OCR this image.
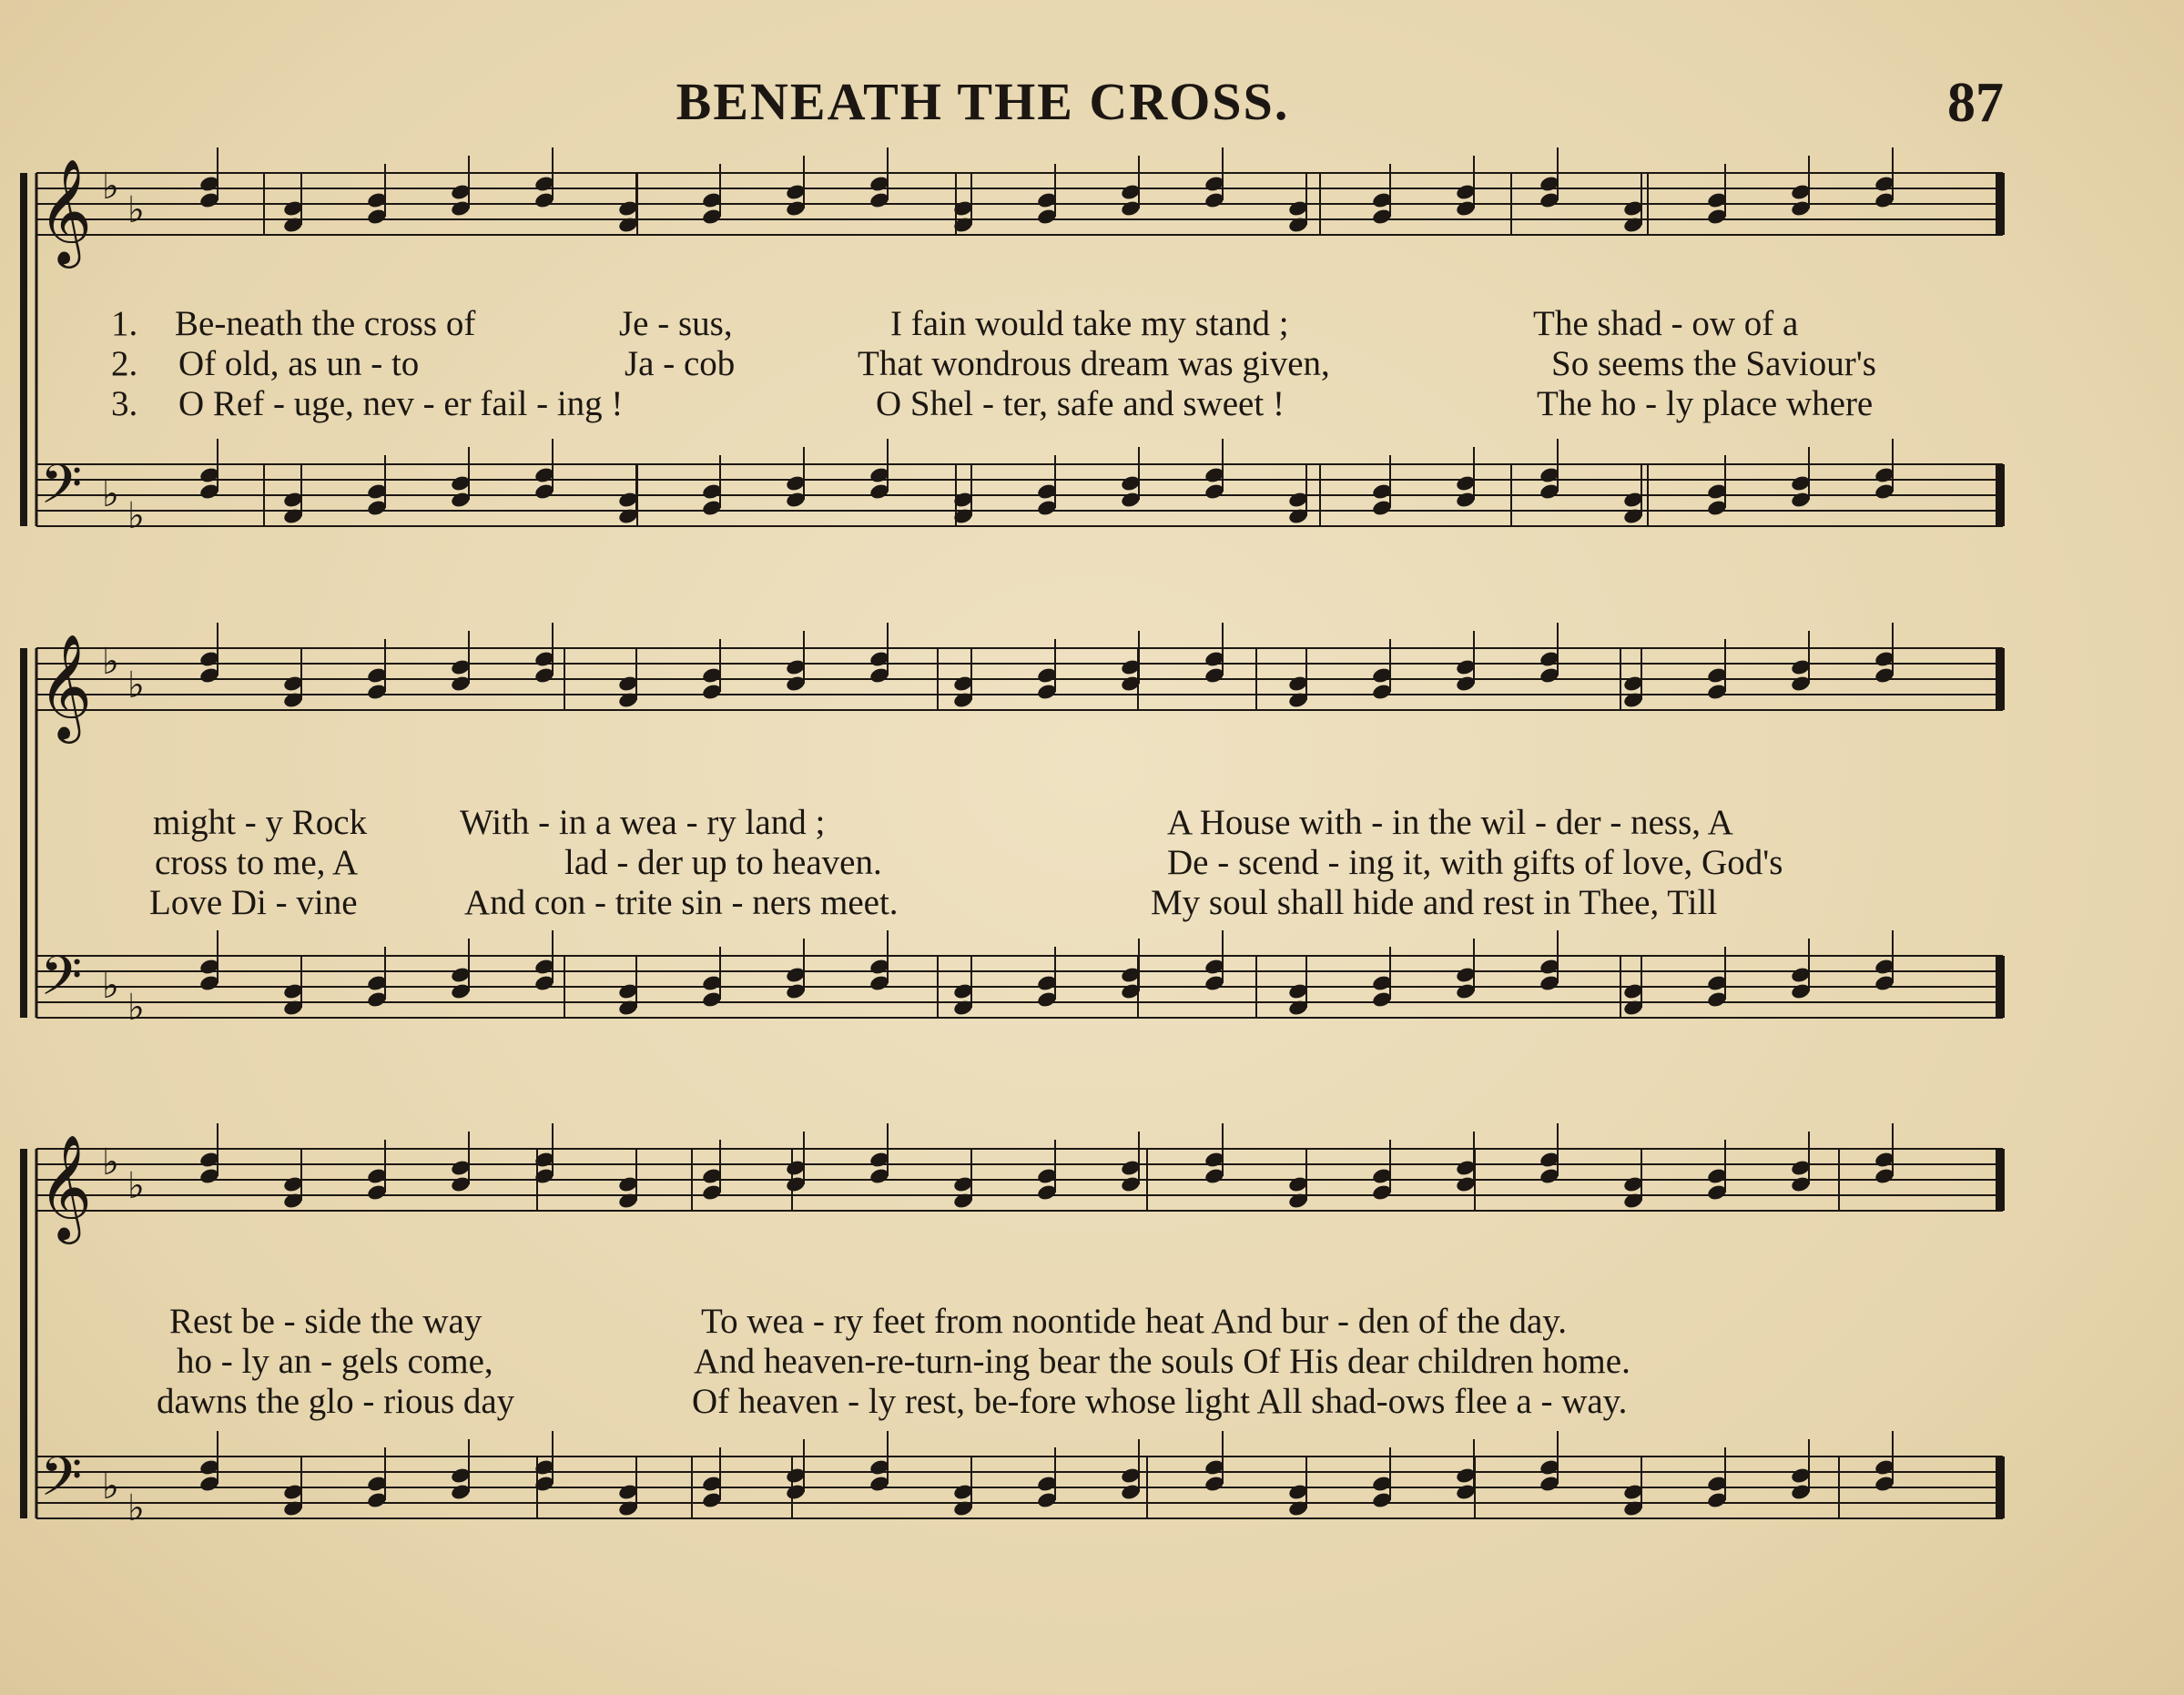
BENEATH THE CROSS.	87
𝄞
𝄢
♭
♭
♭
♭
1. Be-neath the cross of	Je - sus,	I fain would take my stand ;	The shad - ow of a
2. Of old, as un - to	Ja - cob	That wondrous dream was given,	So seems the Saviour's
3. O Ref - uge, nev - er fail - ing !	O Shel - ter, safe and sweet !	The ho - ly place where
𝄞
𝄢
♭
♭
♭
♭
might - y Rock	With - in a wea - ry land ;	A House with - in the wil - der - ness, A
cross to me, A	lad - der up to heaven.	De - scend - ing it, with gifts of love, God's
Love Di - vine	And con - trite sin - ners meet.	My soul shall hide and rest in Thee, Till
𝄞
𝄢
♭
♭
♭
♭
Rest be - side the way	To wea - ry feet from noontide heat And bur - den of the day.
ho - ly an - gels come,	And heaven-re-turn-ing bear the souls Of His dear children home.
dawns the glo - rious day	Of heaven - ly rest, be-fore whose light All shad-ows flee a - way.
